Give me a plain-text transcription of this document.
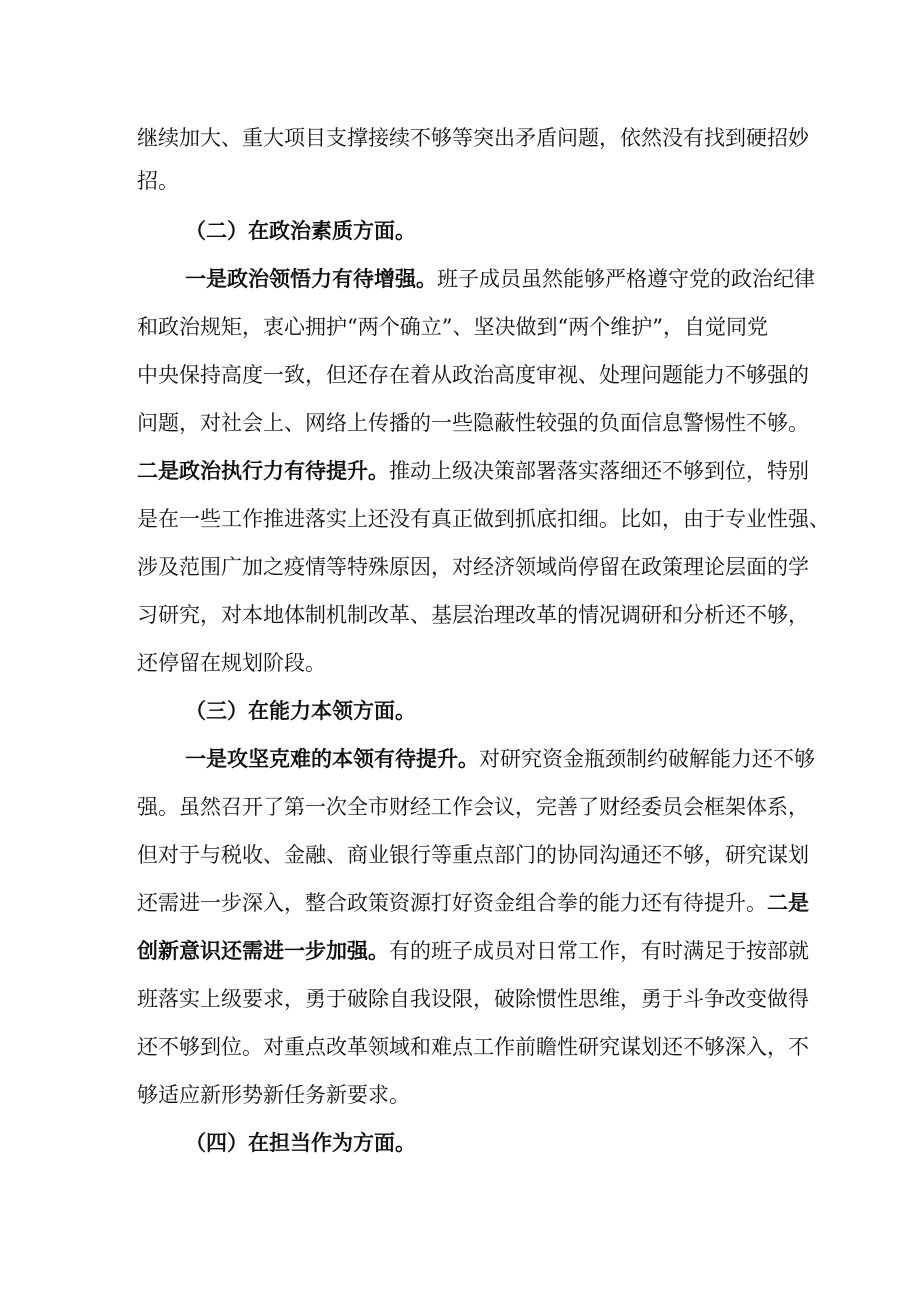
继续加大、重大项目支撑接续不够等突出矛盾问题，依然没有找到硬招妙
招。
（二）在政治素质方面。
一是政治领悟力有待增强。班子成员虽然能够严格遵守党的政治纪律
和政治规矩，衷心拥护“两个确立”、坚决做到“两个维护”，自觉同党
中央保持高度一致，但还存在着从政治高度审视、处理问题能力不够强的
问题，对社会上、网络上传播的一些隐蔽性较强的负面信息警惕性不够。
二是政治执行力有待提升。推动上级决策部署落实落细还不够到位，特别
是在一些工作推进落实上还没有真正做到抓底扣细。比如，由于专业性强、
涉及范围广加之疫情等特殊原因，对经济领域尚停留在政策理论层面的学
习研究，对本地体制机制改革、基层治理改革的情况调研和分析还不够，
还停留在规划阶段。
（三）在能力本领方面。
一是攻坚克难的本领有待提升。对研究资金瓶颈制约破解能力还不够
强。虽然召开了第一次全市财经工作会议，完善了财经委员会框架体系，
但对于与税收、金融、商业银行等重点部门的协同沟通还不够，研究谋划
还需进一步深入，整合政策资源打好资金组合拳的能力还有待提升。二是
创新意识还需进一步加强。有的班子成员对日常工作，有时满足于按部就
班落实上级要求，勇于破除自我设限，破除惯性思维，勇于斗争改变做得
还不够到位。对重点改革领域和难点工作前瞻性研究谋划还不够深入，不
够适应新形势新任务新要求。
（四）在担当作为方面。
